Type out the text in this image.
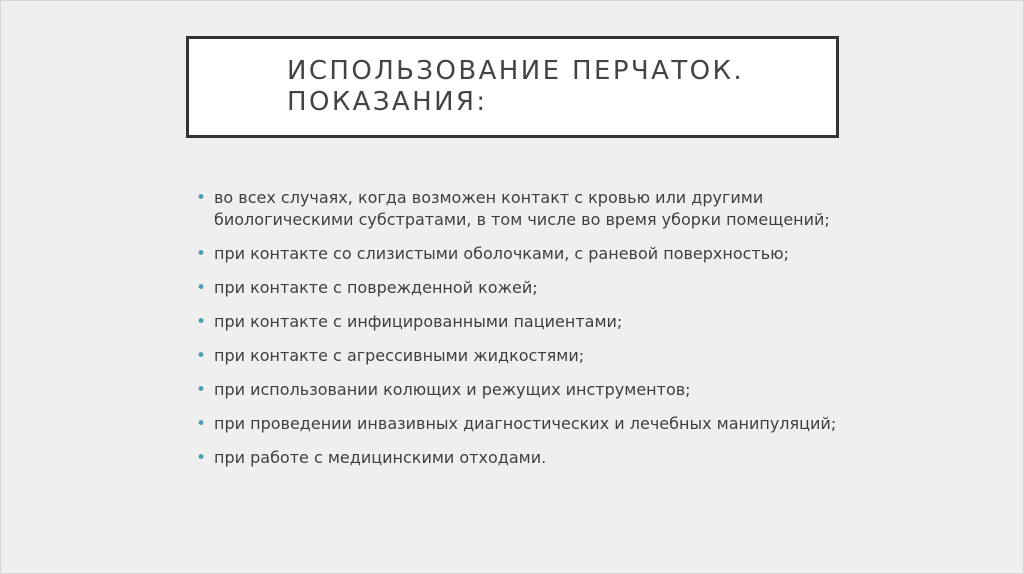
ИСПОЛЬЗОВАНИЕ ПЕРЧАТОК.
ПОКАЗАНИЯ:
• во всех случаях, когда возможен контакт с кровью или другими
биологическими субстратами, в том числе во время уборки помещений;
• при контакте со слизистыми оболочками, с раневой поверхностью;
• при контакте с поврежденной кожей;
• при контакте с инфицированными пациентами;
• при контакте с агрессивными жидкостями;
• при использовании колющих и режущих инструментов;
• при проведении инвазивных диагностических и лечебных манипуляций;
• при работе с медицинскими отходами.
